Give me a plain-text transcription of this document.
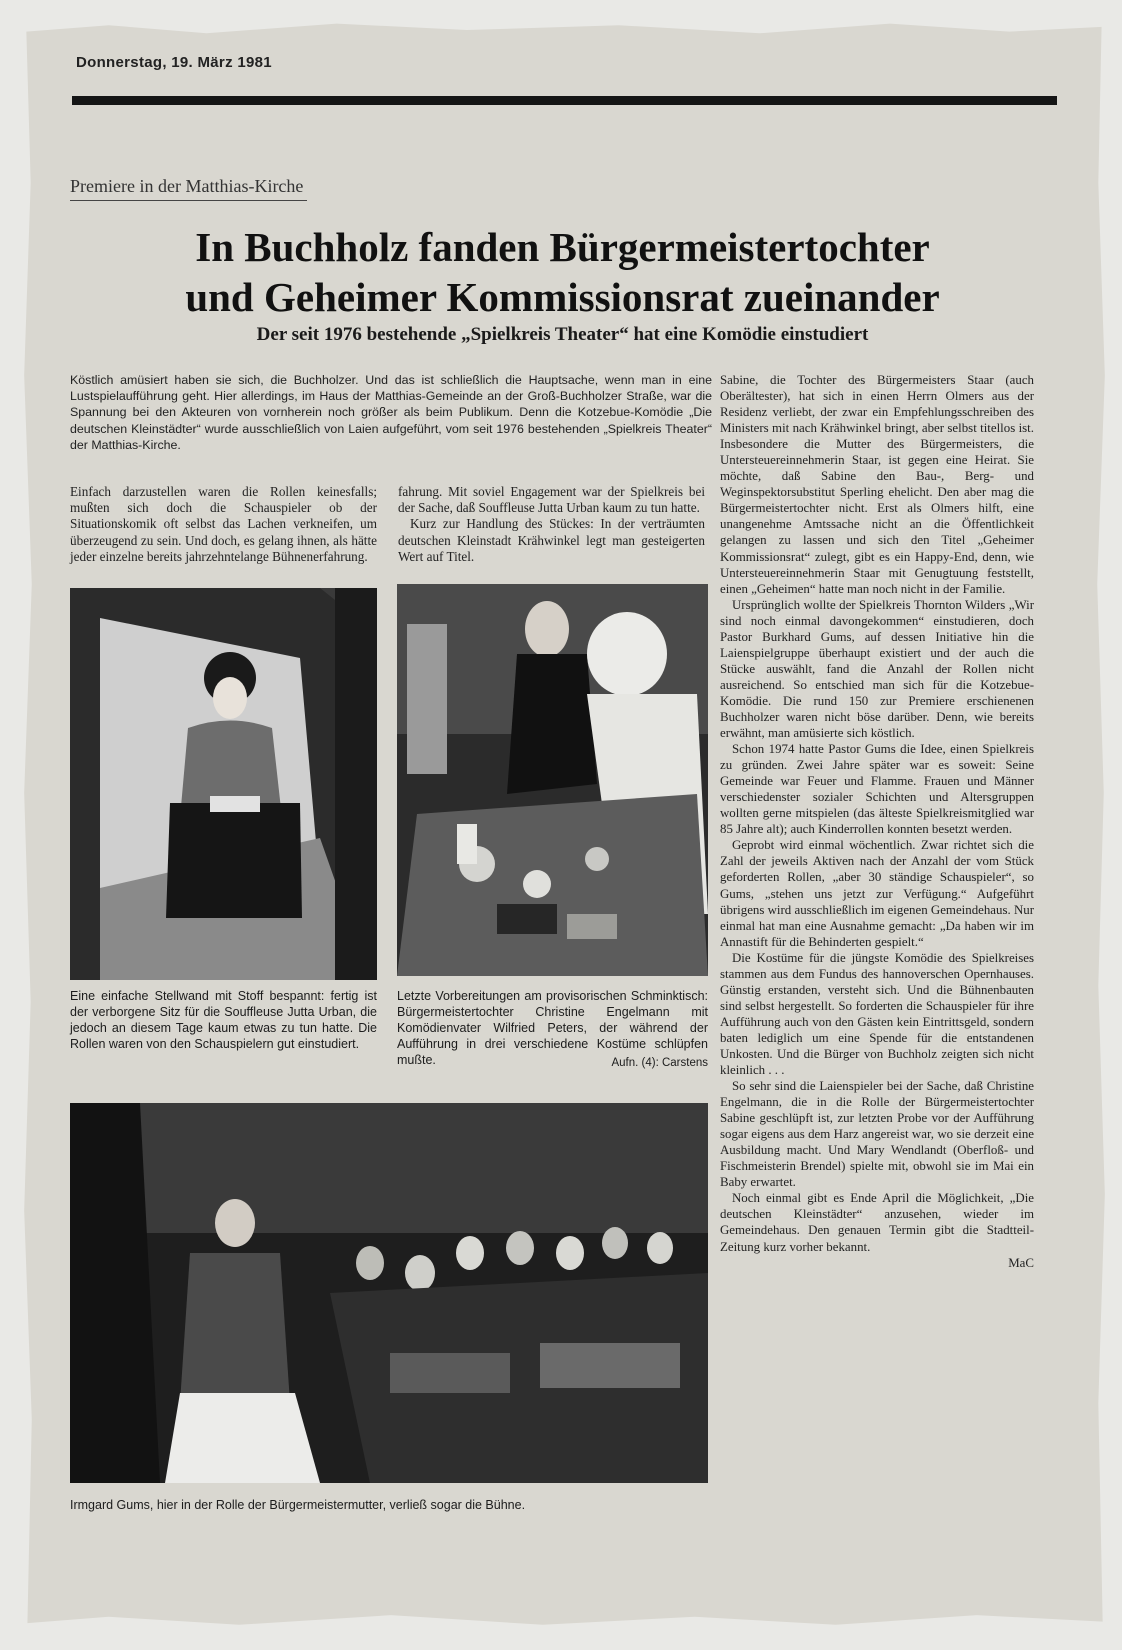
Donnerstag, 19. März 1981
Premiere in der Matthias-Kirche
In Buchholz fanden Bürgermeistertochter
und Geheimer Kommissionsrat zueinander
Der seit 1976 bestehende „Spielkreis Theater“ hat eine Komödie einstudiert
Köstlich amüsiert haben sie sich, die Buchholzer. Und das ist schließlich die Hauptsache, wenn man in eine Lustspielaufführung geht. Hier allerdings, im Haus der Matthias-Gemeinde an der Groß-Buchholzer Straße, war die Spannung bei den Akteuren von vornherein noch größer als beim Publikum. Denn die Kotzebue-Komödie „Die deutschen Kleinstädter“ wurde ausschließlich von Laien aufgeführt, vom seit 1976 bestehenden „Spielkreis Theater“ der Matthias-Kirche.

Einfach darzustellen waren die Rollen keinesfalls; mußten sich doch die Schauspieler ob der Situationskomik oft selbst das Lachen verkneifen, um überzeugend zu sein. Und doch, es gelang ihnen, als hätte jeder einzelne bereits jahrzehntelange Bühnenerfahrung.

fahrung. Mit soviel Engagement war der Spielkreis bei der Sache, daß Souffleuse Jutta Urban kaum zu tun hatte.

Kurz zur Handlung des Stückes: In der verträumten deutschen Kleinstadt Krähwinkel legt man gesteigerten Wert auf Titel.

Sabine, die Tochter des Bürgermeisters Staar (auch Oberältester), hat sich in einen Herrn Olmers aus der Residenz verliebt, der zwar ein Empfehlungsschreiben des Ministers mit nach Krähwinkel bringt, aber selbst titellos ist. Insbesondere die Mutter des Bürgermeisters, die Untersteuereinnehmerin Staar, ist gegen eine Heirat. Sie möchte, daß Sabine den Bau-, Berg- und Weginspektorsubstitut Sperling ehelicht. Den aber mag die Bürgermeistertochter nicht. Erst als Olmers hilft, eine unangenehme Amtssache nicht an die Öffentlichkeit gelangen zu lassen und sich den Titel „Geheimer Kommissionsrat“ zulegt, gibt es ein Happy-End, denn, wie Untersteuereinnehmerin Staar mit Genugtuung feststellt, einen „Geheimen“ hatte man noch nicht in der Familie.

Ursprünglich wollte der Spielkreis Thornton Wilders „Wir sind noch einmal davongekommen“ einstudieren, doch Pastor Burkhard Gums, auf dessen Initiative hin die Laienspielgruppe überhaupt existiert und der auch die Stücke auswählt, fand die Anzahl der Rollen nicht ausreichend. So entschied man sich für die Kotzebue-Komödie. Die rund 150 zur Premiere erschienenen Buchholzer waren nicht böse darüber. Denn, wie bereits erwähnt, man amüsierte sich köstlich.

Schon 1974 hatte Pastor Gums die Idee, einen Spielkreis zu gründen. Zwei Jahre später war es soweit: Seine Gemeinde war Feuer und Flamme. Frauen und Männer verschiedenster sozialer Schichten und Altersgruppen wollten gerne mitspielen (das älteste Spielkreismitglied war 85 Jahre alt); auch Kinderrollen konnten besetzt werden.

Geprobt wird einmal wöchentlich. Zwar richtet sich die Zahl der jeweils Aktiven nach der Anzahl der vom Stück geforderten Rollen, „aber 30 ständige Schauspieler“, so Gums, „stehen uns jetzt zur Verfügung.“ Aufgeführt übrigens wird ausschließlich im eigenen Gemeindehaus. Nur einmal hat man eine Ausnahme gemacht: „Da haben wir im Annastift für die Behinderten gespielt.“

Die Kostüme für die jüngste Komödie des Spielkreises stammen aus dem Fundus des hannoverschen Opernhauses. Günstig erstanden, versteht sich. Und die Bühnenbauten sind selbst hergestellt. So forderten die Schauspieler für ihre Aufführung auch von den Gästen kein Eintrittsgeld, sondern baten lediglich um eine Spende für die entstandenen Unkosten. Und die Bürger von Buchholz zeigten sich nicht kleinlich . . .

So sehr sind die Laienspieler bei der Sache, daß Christine Engelmann, die in die Rolle der Bürgermeistertochter Sabine geschlüpft ist, zur letzten Probe vor der Aufführung sogar eigens aus dem Harz angereist war, wo sie derzeit eine Ausbildung macht. Und Mary Wendlandt (Oberfloß- und Fischmeisterin Brendel) spielte mit, obwohl sie im Mai ein Baby erwartet.

Noch einmal gibt es Ende April die Möglichkeit, „Die deutschen Kleinstädter“ anzusehen, wieder im Gemeindehaus. Den genauen Termin gibt die Stadtteil-Zeitung kurz vorher bekannt.

MaC
Eine einfache Stellwand mit Stoff bespannt: fertig ist der verborgene Sitz für die Souffleuse Jutta Urban, die jedoch an diesem Tage kaum etwas zu tun hatte. Die Rollen waren von den Schauspielern gut einstudiert.
Letzte Vorbereitungen am provisorischen Schminktisch: Bürgermeistertochter Christine Engelmann mit Komödienvater Wilfried Peters, der während der Aufführung in drei verschiedene Kostüme schlüpfen mußte.	Aufn. (4): Carstens
Irmgard Gums, hier in der Rolle der Bürgermeistermutter, verließ sogar die Bühne.
